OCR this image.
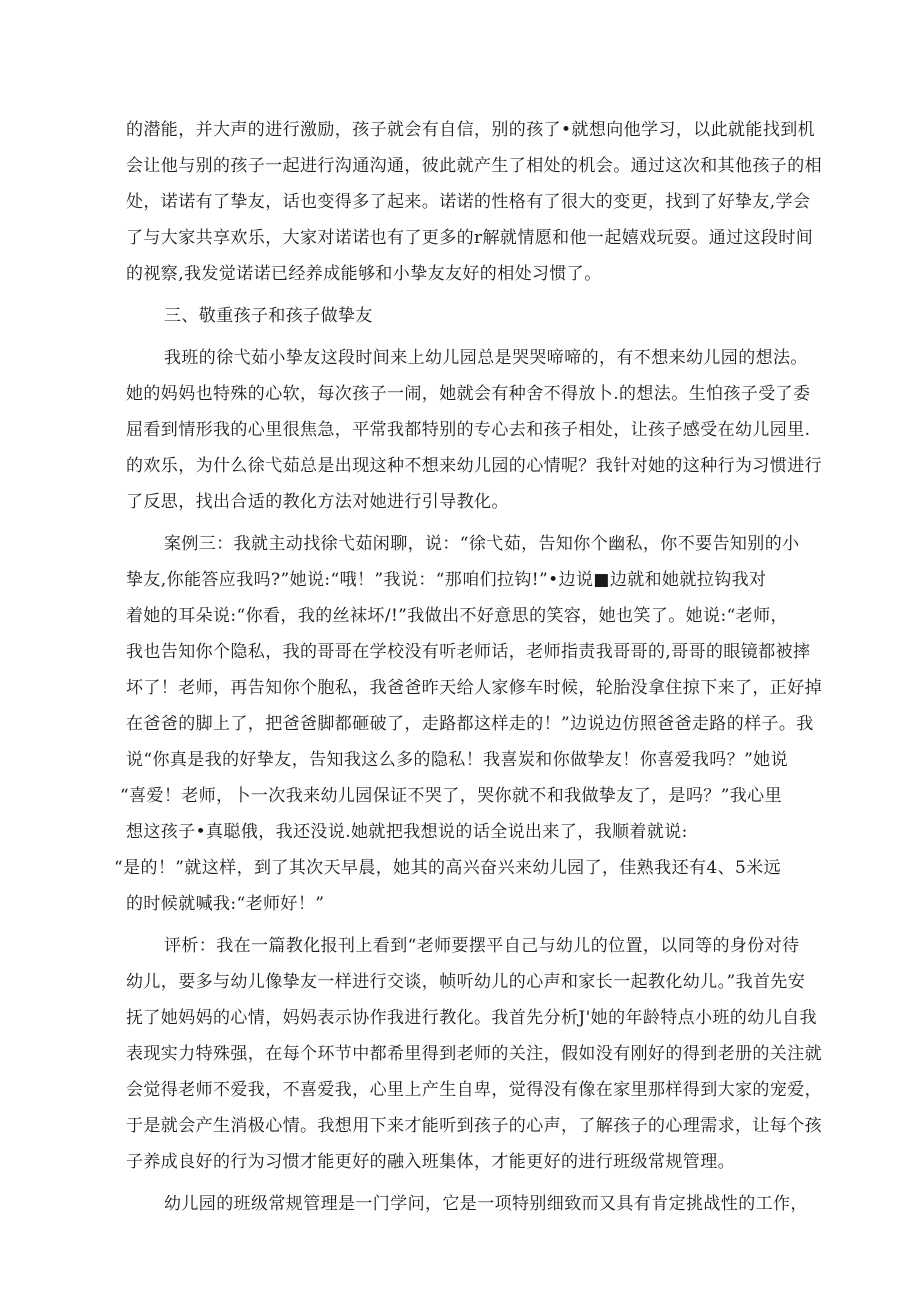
的潜能，并大声的进行激励，孩子就会有自信，别的孩了•就想向他学习，以此就能找到机
会让他与别的孩子一起进行沟通沟通，彼此就产生了相处的机会。通过这次和其他孩子的相
处，诺诺有了挚友，话也变得多了起来。诺诺的性格有了很大的变更，找到了好挚友,学会
了与大家共享欢乐，大家对诺诺也有了更多的r解就情愿和他一起嬉戏玩耍。通过这段时间
的视察,我发觉诺诺已经养成能够和小挚友友好的相处习惯了。
三、敬重孩子和孩子做挚友
我班的徐弋茹小挚友这段时间来上幼儿园总是哭哭啼啼的，有不想来幼儿园的想法。
她的妈妈也特殊的心软，每次孩子一闹，她就会有种舍不得放卜.的想法。生怕孩子受了委
屈看到情形我的心里很焦急，平常我都特别的专心去和孩子相处，让孩子感受在幼儿园里.
的欢乐，为什么徐弋茹总是出现这种不想来幼儿园的心情呢？我针对她的这种行为习惯进行
了反思，找出合适的教化方法对她进行引导教化。
案例三：我就主动找徐弋茹闲聊，说：“徐弋茹，告知你个幽私，你不要告知别的小
挚友,你能答应我吗?”她说:“哦！”我说：“那咱们拉钩!”•边说■边就和她就拉钩我对
着她的耳朵说:“你看，我的丝袜坏/!”我做出不好意思的笑容，她也笑了。她说:“老师，
我也告知你个隐私，我的哥哥在学校没有听老师话，老师指责我哥哥的,哥哥的眼镜都被摔
坏了！老师，再告知你个胞私，我爸爸昨天给人家修车时候，轮胎没拿住掠下来了，正好掉
在爸爸的脚上了，把爸爸脚都砸破了，走路都这样走的！”边说边仿照爸爸走路的样子。我
说“你真是我的好挚友，告知我这么多的隐私！我喜炭和你做挚友！你喜爱我吗？”她说
“喜爱！老师，卜一次我来幼儿园保证不哭了，哭你就不和我做挚友了，是吗？”我心里
想这孩子•真聪俄，我还没说.她就把我想说的话全说出来了，我顺着就说:
“是的！”就这样，到了其次天早晨，她其的高兴奋兴来幼儿园了，佳熟我还有4、5米远
的时候就喊我:“老师好！”
评析：我在一篇教化报刊上看到“老师要摆平自己与幼儿的位置，以同等的身份对待
幼儿，要多与幼儿像挚友一样进行交谈，帧听幼儿的心声和家长一起教化幼儿。”我首先安
抚了她妈妈的心情，妈妈表示协作我进行教化。我首先分析J'她的年龄特点小班的幼儿自我
表现实力特殊强，在每个环节中都希里得到老师的关注，假如没有刚好的得到老册的关注就
会觉得老师不爱我，不喜爱我，心里上产生自卑，觉得没有像在家里那样得到大家的宠爱，
于是就会产生消极心情。我想用下来才能听到孩子的心声，了解孩子的心理需求，让每个孩
子养成良好的行为习惯才能更好的融入班集体，才能更好的进行班级常规管理。
幼儿园的班级常规管理是一门学问，它是一项特别细致而又具有肯定挑战性的工作，
